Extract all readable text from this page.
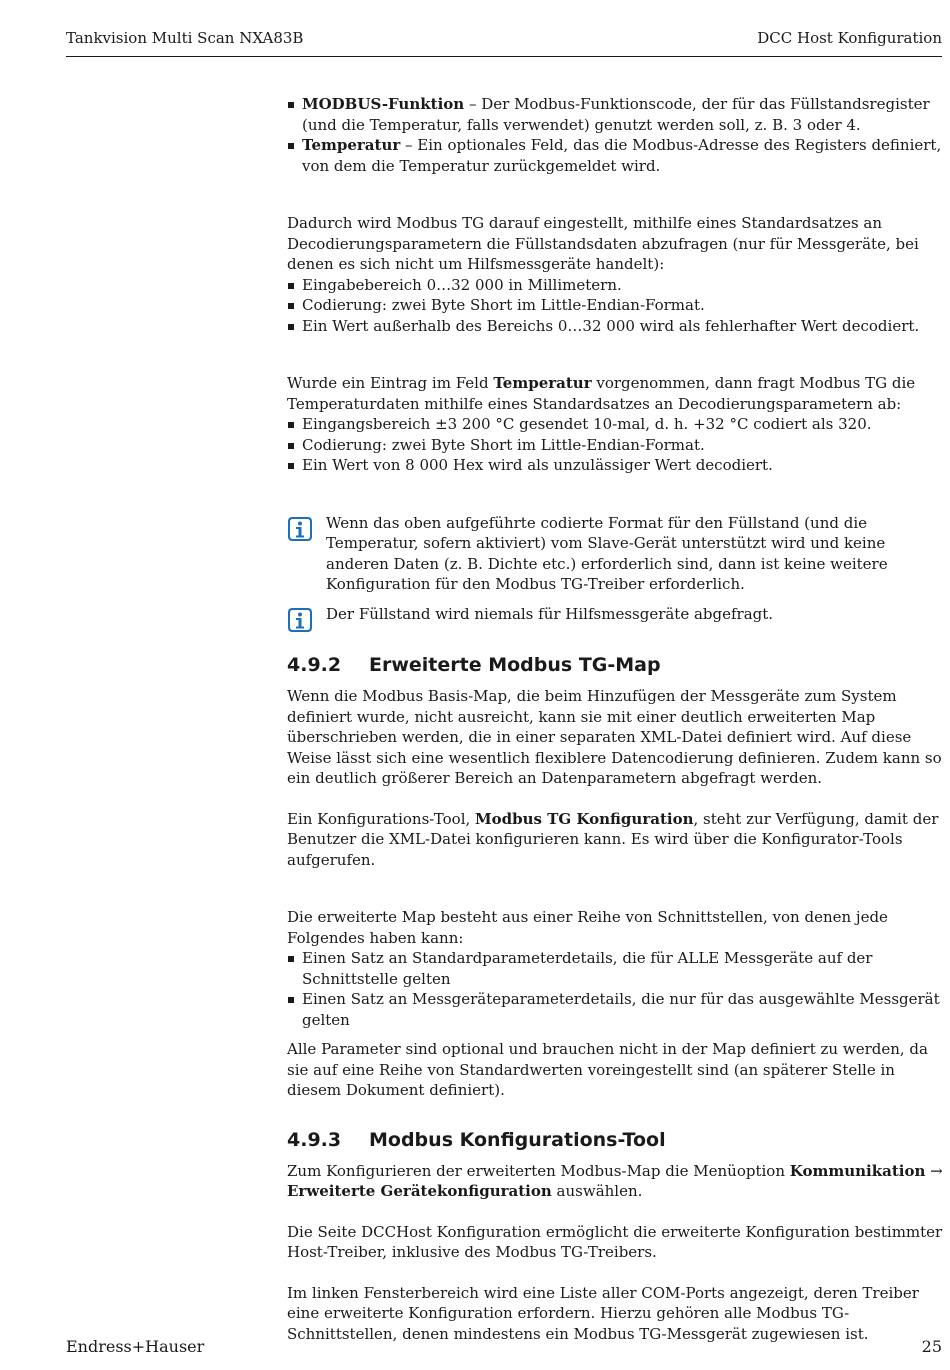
Tankvision Multi Scan NXA83B	DCC Host Konfiguration
MODBUS-Funktion – Der Modbus-Funktionscode, der für das Füllstandsregister (und die Temperatur, falls verwendet) genutzt werden soll, z. B. 3 oder 4.
Temperatur – Ein optionales Feld, das die Modbus-Adresse des Registers definiert, von dem die Temperatur zurückgemeldet wird.

Dadurch wird Modbus TG darauf eingestellt, mithilfe eines Standardsatzes an Decodierungsparametern die Füllstandsdaten abzufragen (nur für Messgeräte, bei denen es sich nicht um Hilfsmessgeräte handelt):

Eingabebereich 0…32 000 in Millimetern.
Codierung: zwei Byte Short im Little-Endian-Format.
Ein Wert außerhalb des Bereichs 0…32 000 wird als fehlerhafter Wert decodiert.

Wurde ein Eintrag im Feld Temperatur vorgenommen, dann fragt Modbus TG die Temperaturdaten mithilfe eines Standardsatzes an Decodierungsparametern ab:

Eingangsbereich ±3 200 °C gesendet 10-mal, d. h. +32 °C codiert als 320.
Codierung: zwei Byte Short im Little-Endian-Format.
Ein Wert von 8 000 Hex wird als unzulässiger Wert decodiert.

Wenn das oben aufgeführte codierte Format für den Füllstand (und die Temperatur, sofern aktiviert) vom Slave-Gerät unterstützt wird und keine anderen Daten (z. B. Dichte etc.) erforderlich sind, dann ist keine weitere Konfiguration für den Modbus TG-Treiber erforderlich.

Der Füllstand wird niemals für Hilfsmessgeräte abgefragt.

4.9.2 Erweiterte Modbus TG-Map

Wenn die Modbus Basis-Map, die beim Hinzufügen der Messgeräte zum System definiert wurde, nicht ausreicht, kann sie mit einer deutlich erweiterten Map überschrieben werden, die in einer separaten XML-Datei definiert wird. Auf diese Weise lässt sich eine wesentlich flexiblere Datencodierung definieren. Zudem kann so ein deutlich größerer Bereich an Datenparametern abgefragt werden.

Ein Konfigurations-Tool, Modbus TG Konfiguration, steht zur Verfügung, damit der Benutzer die XML-Datei konfigurieren kann. Es wird über die Konfigurator-Tools aufgerufen.

Die erweiterte Map besteht aus einer Reihe von Schnittstellen, von denen jede Folgendes haben kann:

Einen Satz an Standardparameterdetails, die für ALLE Messgeräte auf der Schnittstelle gelten
Einen Satz an Messgeräteparameterdetails, die nur für das ausgewählte Messgerät gelten

Alle Parameter sind optional und brauchen nicht in der Map definiert zu werden, da sie auf eine Reihe von Standardwerten voreingestellt sind (an späterer Stelle in diesem Dokument definiert).

4.9.3 Modbus Konfigurations-Tool

Zum Konfigurieren der erweiterten Modbus-Map die Menüoption Kommunikation → Erweiterte Gerätekonfiguration auswählen.

Die Seite DCCHost Konfiguration ermöglicht die erweiterte Konfiguration bestimmter Host-Treiber, inklusive des Modbus TG-Treibers.

Im linken Fensterbereich wird eine Liste aller COM-Ports angezeigt, deren Treiber eine erweiterte Konfiguration erfordern. Hierzu gehören alle Modbus TG-Schnittstellen, denen mindestens ein Modbus TG-Messgerät zugewiesen ist.

Endress+Hauser	25
